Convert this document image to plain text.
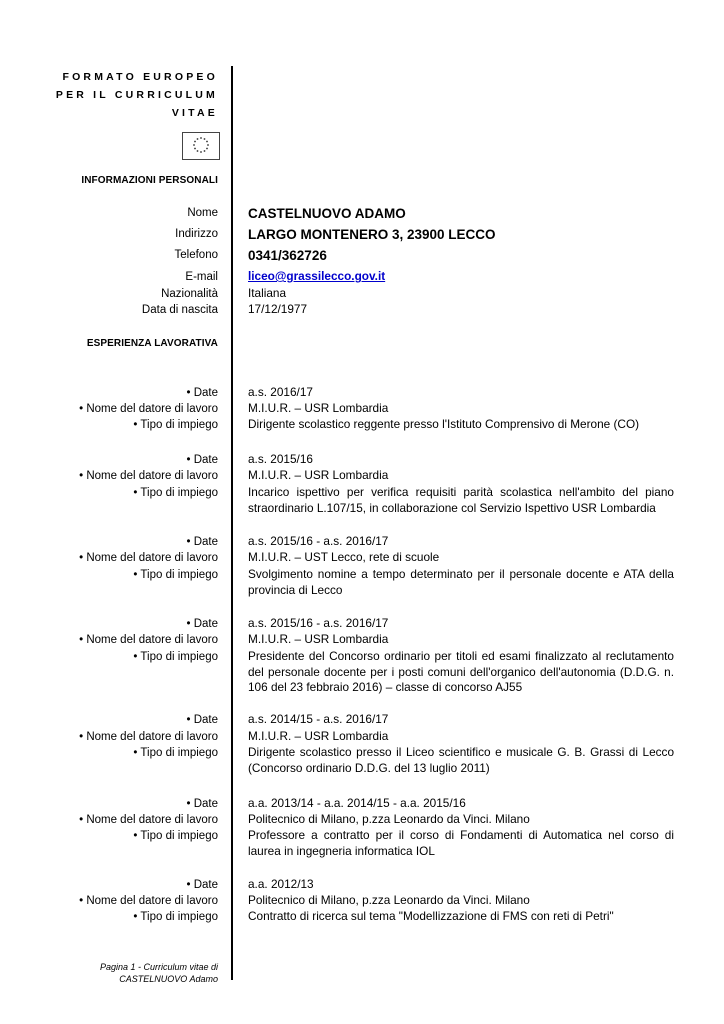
FORMATO EUROPEO
PER IL CURRICULUM
VITAE
INFORMAZIONI PERSONALI
Nome CASTELNUOVO ADAMO
Indirizzo LARGO MONTENERO 3, 23900 LECCO
Telefono 0341/362726
E-mail	liceo@grassilecco.gov.it
Nazionalità	Italiana
Data di nascita	17/12/1977
ESPERIENZA LAVORATIVA
• Date	a.s. 2016/17
• Nome del datore di lavoro	M.I.U.R. – USR Lombardia
• Tipo di impiego	Dirigente scolastico reggente presso l'Istituto Comprensivo di Merone (CO)
• Date	a.s. 2015/16
• Nome del datore di lavoro	M.I.U.R. – USR Lombardia
• Tipo di impiego	Incarico ispettivo per verifica requisiti parità scolastica nell'ambito del piano straordinario L.107/15, in collaborazione col Servizio Ispettivo USR Lombardia
• Date	a.s. 2015/16 - a.s. 2016/17
• Nome del datore di lavoro	M.I.U.R. – UST Lecco, rete di scuole
• Tipo di impiego	Svolgimento nomine a tempo determinato per il personale docente e ATA della provincia di Lecco
• Date	a.s. 2015/16 - a.s. 2016/17
• Nome del datore di lavoro	M.I.U.R. – USR Lombardia
• Tipo di impiego	Presidente del Concorso ordinario per titoli ed esami finalizzato al reclutamento del personale docente per i posti comuni dell'organico dell'autonomia (D.D.G. n. 106 del 23 febbraio 2016) – classe di concorso AJ55
• Date	a.s. 2014/15 - a.s. 2016/17
• Nome del datore di lavoro	M.I.U.R. – USR Lombardia
• Tipo di impiego	Dirigente scolastico presso il Liceo scientifico e musicale G. B. Grassi di Lecco (Concorso ordinario D.D.G. del 13 luglio 2011)
• Date	a.a. 2013/14 - a.a. 2014/15 - a.a. 2015/16
• Nome del datore di lavoro	Politecnico di Milano, p.zza Leonardo da Vinci. Milano
• Tipo di impiego	Professore a contratto per il corso di Fondamenti di Automatica nel corso di laurea in ingegneria informatica IOL
• Date	a.a. 2012/13
• Nome del datore di lavoro	Politecnico di Milano, p.zza Leonardo da Vinci. Milano
• Tipo di impiego	Contratto di ricerca sul tema "Modellizzazione di FMS con reti di Petri"
Pagina 1 - Curriculum vitae di
CASTELNUOVO Adamo
